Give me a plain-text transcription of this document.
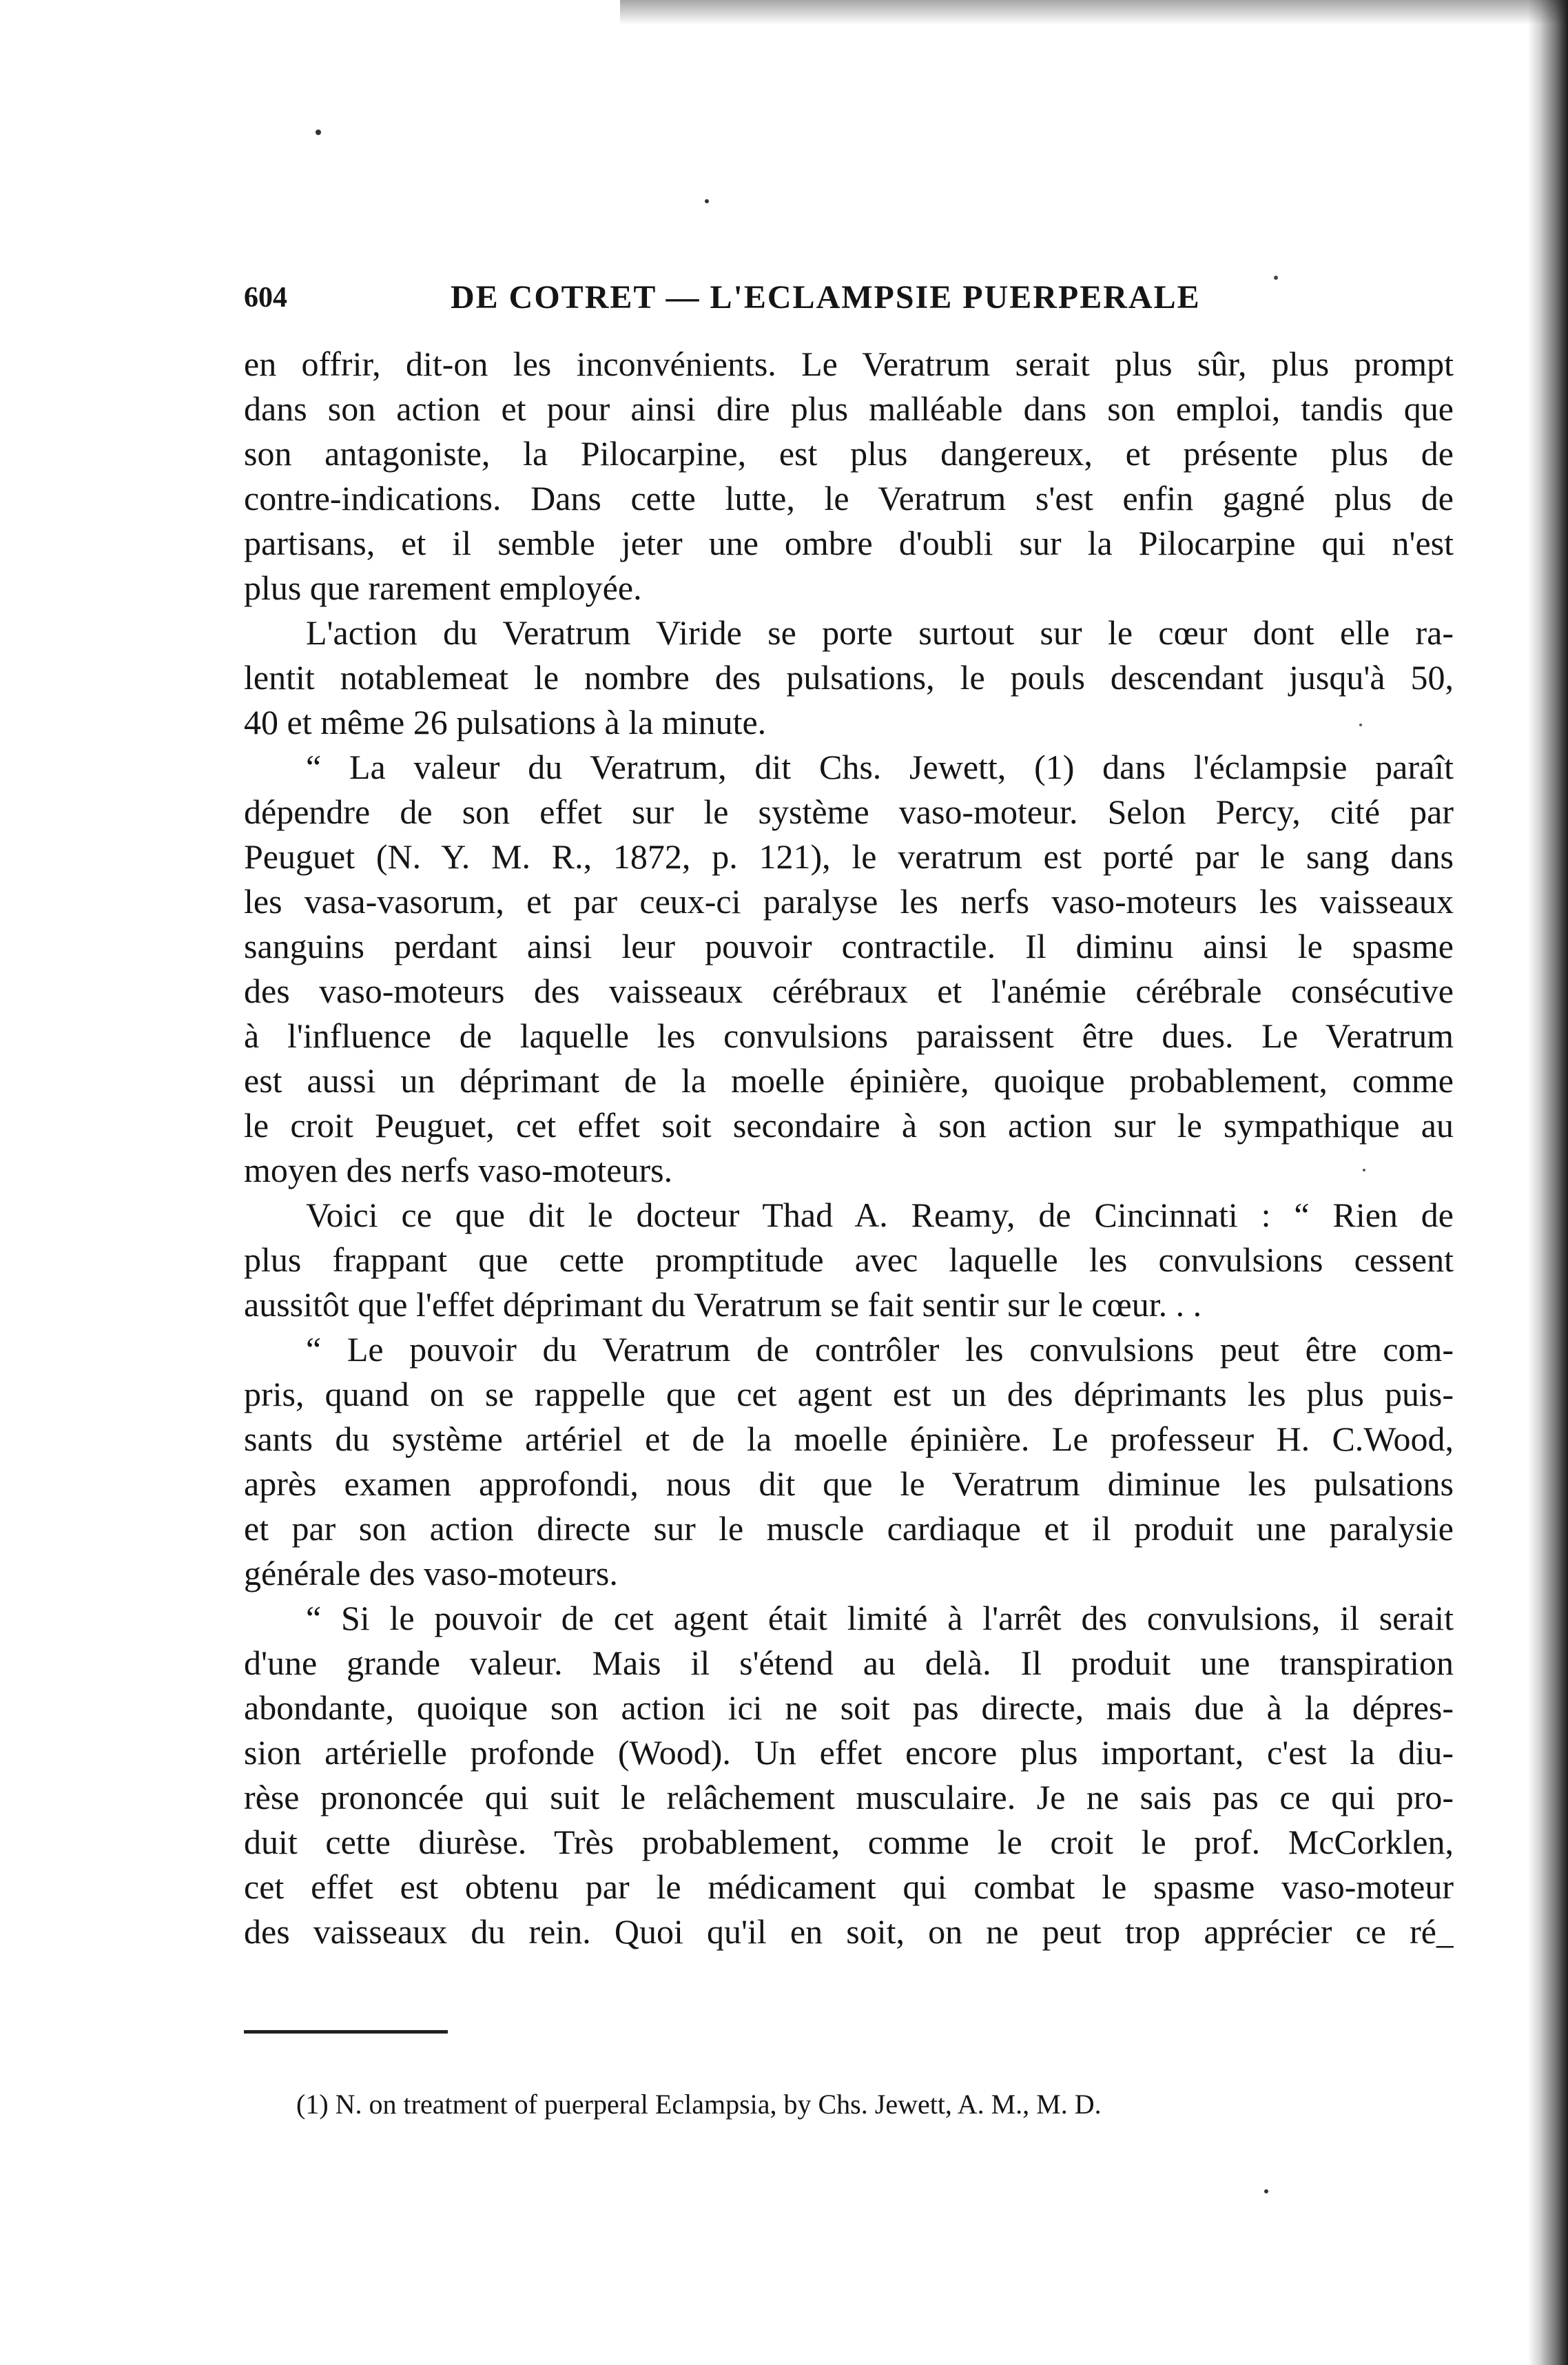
604	DE COTRET — L'ECLAMPSIE PUERPERALE
en offrir, dit-on les inconvénients. Le Veratrum serait plus sûr, plus prompt
dans son action et pour ainsi dire plus malléable dans son emploi, tandis que
son antagoniste, la Pilocarpine, est plus dangereux, et présente plus de
contre-indications. Dans cette lutte, le Veratrum s'est enfin gagné plus de
partisans, et il semble jeter une ombre d'oubli sur la Pilocarpine qui n'est
plus que rarement employée.
L'action du Veratrum Viride se porte surtout sur le cœur dont elle ra-
lentit notablemeat le nombre des pulsations, le pouls descendant jusqu'à 50,
40 et même 26 pulsations à la minute.
“ La valeur du Veratrum, dit Chs. Jewett, (1) dans l'éclampsie paraît
dépendre de son effet sur le système vaso-moteur. Selon Percy, cité par
Peuguet (N. Y. M. R., 1872, p. 121), le veratrum est porté par le sang dans
les vasa-vasorum, et par ceux-ci paralyse les nerfs vaso-moteurs les vaisseaux
sanguins perdant ainsi leur pouvoir contractile. Il diminu ainsi le spasme
des vaso-moteurs des vaisseaux cérébraux et l'anémie cérébrale consécutive
à l'influence de laquelle les convulsions paraissent être dues. Le Veratrum
est aussi un déprimant de la moelle épinière, quoique probablement, comme
le croit Peuguet, cet effet soit secondaire à son action sur le sympathique au
moyen des nerfs vaso-moteurs.
Voici ce que dit le docteur Thad A. Reamy, de Cincinnati : “ Rien de
plus frappant que cette promptitude avec laquelle les convulsions cessent
aussitôt que l'effet déprimant du Veratrum se fait sentir sur le cœur. . .
“ Le pouvoir du Veratrum de contrôler les convulsions peut être com-
pris, quand on se rappelle que cet agent est un des déprimants les plus puis-
sants du système artériel et de la moelle épinière. Le professeur H. C.Wood,
après examen approfondi, nous dit que le Veratrum diminue les pulsations
et par son action directe sur le muscle cardiaque et il produit une paralysie
générale des vaso-moteurs.
“ Si le pouvoir de cet agent était limité à l'arrêt des convulsions, il serait
d'une grande valeur. Mais il s'étend au delà. Il produit une transpiration
abondante, quoique son action ici ne soit pas directe, mais due à la dépres-
sion artérielle profonde (Wood). Un effet encore plus important, c'est la diu-
rèse prononcée qui suit le relâchement musculaire. Je ne sais pas ce qui pro-
duit cette diurèse. Très probablement, comme le croit le prof. McCorklen,
cet effet est obtenu par le médicament qui combat le spasme vaso-moteur
des vaisseaux du rein. Quoi qu'il en soit, on ne peut trop apprécier ce ré_
(1) N. on treatment of puerperal Eclampsia, by Chs. Jewett, A. M., M. D.
